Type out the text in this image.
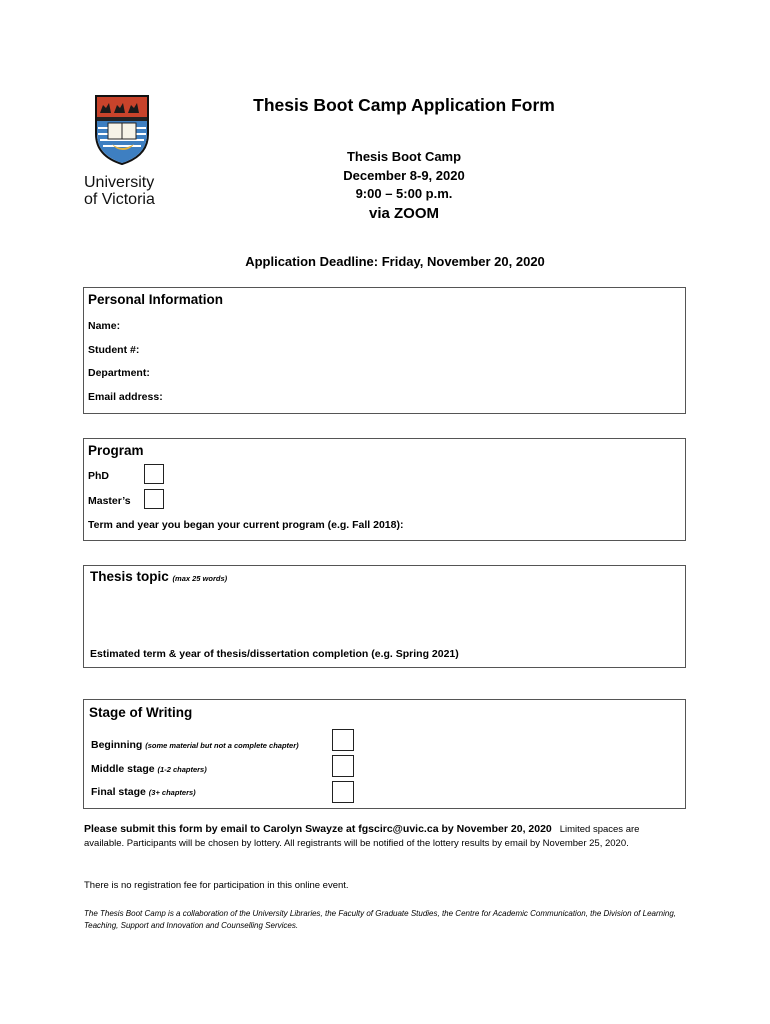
University
of Victoria
Thesis Boot Camp Application Form
Thesis Boot Camp
December 8-9, 2020
9:00 – 5:00 p.m.
via ZOOM
Application Deadline: Friday, November 20, 2020
Personal Information
Name:
Student #:
Department:
Email address:
Program
PhD
Master’s
Term and year you began your current program (e.g. Fall 2018):
Thesis topic (max 25 words)
Estimated term & year of thesis/dissertation completion (e.g. Spring 2021)
Stage of Writing
Beginning (some material but not a complete chapter)
Middle stage (1-2 chapters)
Final stage (3+ chapters)
Please submit this form by email to Carolyn Swayze at fgscirc@uvic.ca by November 20, 2020 Limited spaces are available. Participants will be chosen by lottery. All registrants will be notified of the lottery results by email by November 25, 2020.
There is no registration fee for participation in this online event.
The Thesis Boot Camp is a collaboration of the University Libraries, the Faculty of Graduate Studies, the Centre for Academic Communication, the Division of Learning, Teaching, Support and Innovation and Counselling Services.
